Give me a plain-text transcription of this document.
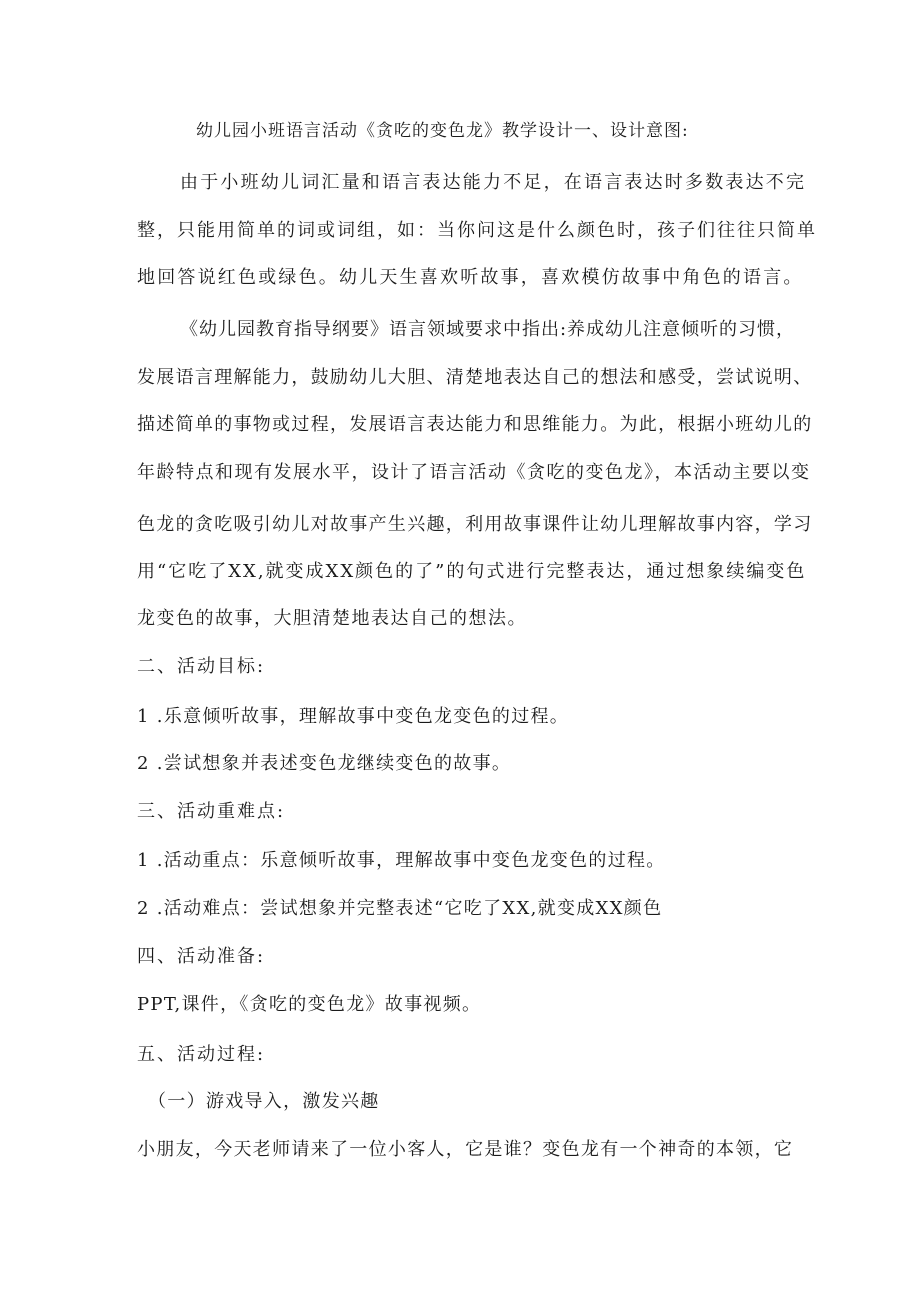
幼儿园小班语言活动《贪吃的变色龙》教学设计一、设计意图:
由于小班幼儿词汇量和语言表达能力不足，在语言表达时多数表达不完
整，只能用简单的词或词组，如：当你问这是什么颜色时，孩子们往往只简单
地回答说红色或绿色。幼儿天生喜欢听故事，喜欢模仿故事中角色的语言。
《幼儿园教育指导纲要》语言领域要求中指出:养成幼儿注意倾听的习惯，
发展语言理解能力，鼓励幼儿大胆、清楚地表达自己的想法和感受，尝试说明、
描述简单的事物或过程，发展语言表达能力和思维能力。为此，根据小班幼儿的
年龄特点和现有发展水平，设计了语言活动《贪吃的变色龙》，本活动主要以变
色龙的贪吃吸引幼儿对故事产生兴趣，利用故事课件让幼儿理解故事内容，学习
用“它吃了XX,就变成XX颜色的了”的句式进行完整表达，通过想象续编变色
龙变色的故事，大胆清楚地表达自己的想法。
二、活动目标:
1 .乐意倾听故事，理解故事中变色龙变色的过程。
2 .尝试想象并表述变色龙继续变色的故事。
三、活动重难点:
1 .活动重点：乐意倾听故事，理解故事中变色龙变色的过程。
2 .活动难点：尝试想象并完整表述“它吃了XX,就变成XX颜色
四、活动准备:
PPT,课件，《贪吃的变色龙》故事视频。
五、活动过程:
（一）游戏导入，激发兴趣
小朋友，今天老师请来了一位小客人，它是谁？变色龙有一个神奇的本领，它
